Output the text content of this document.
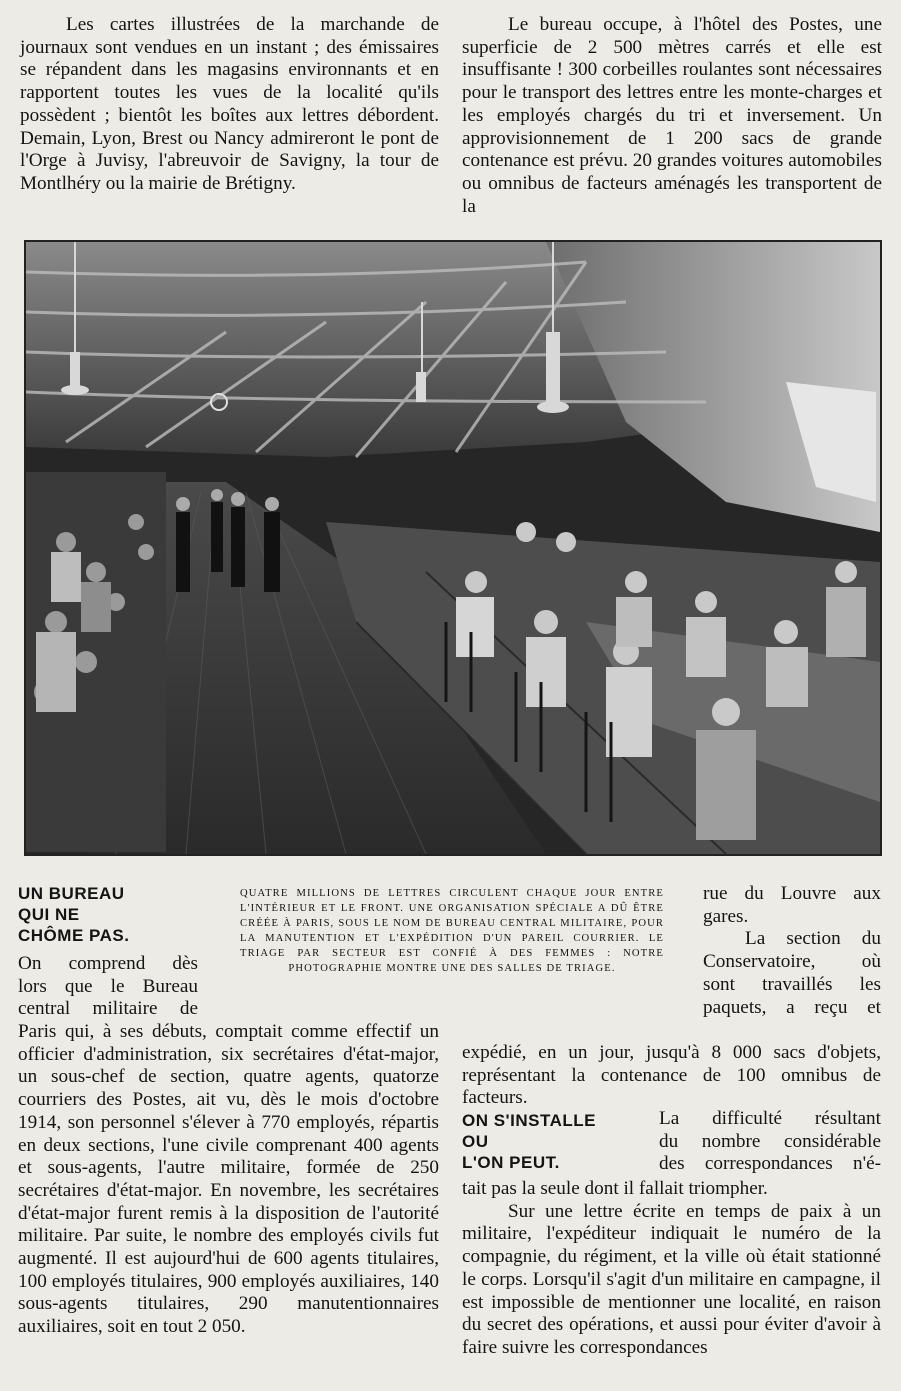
Les cartes illustrées de la marchande de journaux sont vendues en un instant ; des émissaires se répandent dans les magasins environnants et en rapportent toutes les vues de la localité qu'ils possèdent ; bientôt les boîtes aux lettres débordent. Demain, Lyon, Brest ou Nancy admireront le pont de l'Orge à Juvisy, l'abreuvoir de Savigny, la tour de Montlhéry ou la mairie de Brétigny.

Le bureau occupe, à l'hôtel des Postes, une superficie de 2 500 mètres carrés et elle est insuffisante ! 300 corbeilles roulantes sont nécessaires pour le transport des lettres entre les monte-charges et les employés chargés du tri et inversement. Un approvisionnement de 1 200 sacs de grande contenance est prévu. 20 grandes voitures automobiles ou omnibus de facteurs aménagés les transportent de la

QUATRE MILLIONS DE LETTRES CIRCULENT CHAQUE JOUR ENTRE L'INTÉRIEUR ET LE FRONT. UNE ORGANISATION SPÉCIALE A DÛ ÊTRE CRÉÉE À PARIS, SOUS LE NOM DE BUREAU CENTRAL MILITAIRE, POUR LA MANUTENTION ET L'EXPÉDITION D'UN PAREIL COURRIER. LE TRIAGE PAR SECTEUR EST CONFIÉ À DES FEMMES : NOTRE PHOTOGRAPHIE MONTRE UNE DES SALLES DE TRIAGE.
UN BUREAU
QUI NE
CHÔME PAS.

On comprend dès

lors que le Bureau

central militaire de

Paris qui, à ses débuts, comptait comme effectif un officier d'administration, six secrétaires d'état-major, un sous-chef de section, quatre agents, quatorze courriers des Postes, ait vu, dès le mois d'octobre 1914, son personnel s'élever à 770 employés, répartis en deux sections, l'une civile comprenant 400 agents et sous-agents, l'autre militaire, formée de 250 secrétaires d'état-major. En novembre, les secrétaires d'état-major furent remis à la disposition de l'autorité militaire. Par suite, le nombre des employés civils fut augmenté. Il est aujourd'hui de 600 agents titulaires, 100 employés titulaires, 900 employés auxiliaires, 140 sous-agents titulaires, 290 manutentionnaires auxiliaires, soit en tout 2 050.

rue du Louvre aux

gares.

La section du

Conservatoire, où

sont travaillés les

paquets, a reçu et

expédié, en un jour, jusqu'à 8 000 sacs d'objets, représentant la contenance de 100 omnibus de facteurs.

ON S'INSTALLE
OU
L'ON PEUT.

La difficulté résultant

du nombre considérable

des correspondances n'é-

tait pas la seule dont il fallait triompher.

Sur une lettre écrite en temps de paix à un militaire, l'expéditeur indiquait le numéro de la compagnie, du régiment, et la ville où était stationné le corps. Lorsqu'il s'agit d'un militaire en campagne, il est impossible de mentionner une localité, en raison du secret des opérations, et aussi pour éviter d'avoir à faire suivre les correspondances
